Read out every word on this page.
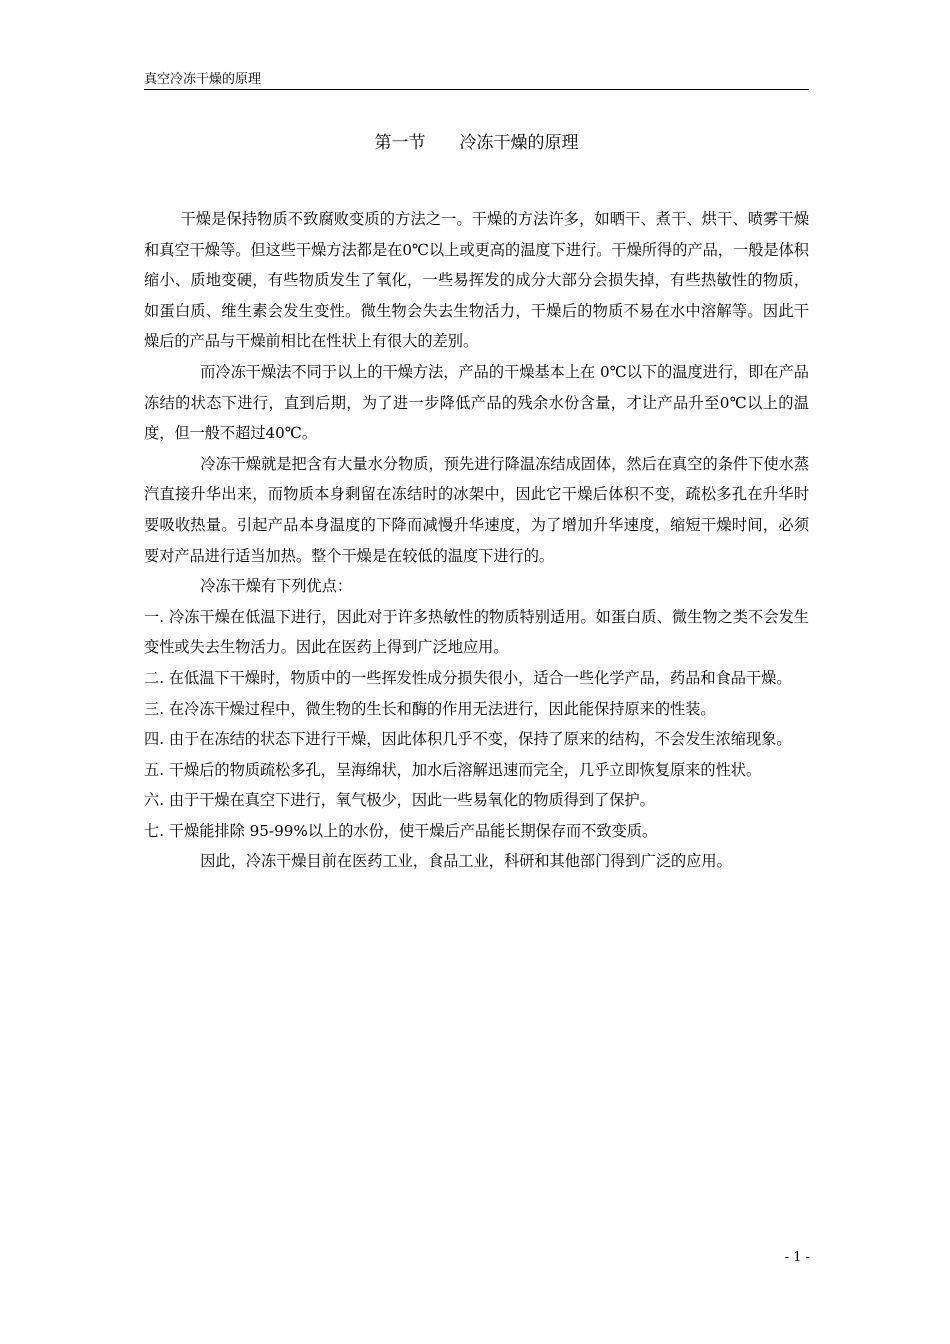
真空冷冻干燥的原理
第一节　　冷冻干燥的原理

干燥是保持物质不致腐败变质的方法之一。干燥的方法许多，如晒干、煮干、烘干、喷雾干燥和真空干燥等。但这些干燥方法都是在0℃以上或更高的温度下进行。干燥所得的产品，一般是体积缩小、质地变硬，有些物质发生了氧化，一些易挥发的成分大部分会损失掉，有些热敏性的物质，如蛋白质、维生素会发生变性。微生物会失去生物活力，干燥后的物质不易在水中溶解等。因此干燥后的产品与干燥前相比在性状上有很大的差别。

而冷冻干燥法不同于以上的干燥方法，产品的干燥基本上在 0℃以下的温度进行，即在产品冻结的状态下进行，直到后期，为了进一步降低产品的残余水份含量，才让产品升至0℃以上的温度，但一般不超过40℃。

冷冻干燥就是把含有大量水分物质，预先进行降温冻结成固体，然后在真空的条件下使水蒸汽直接升华出来，而物质本身剩留在冻结时的冰架中，因此它干燥后体积不变，疏松多孔在升华时要吸收热量。引起产品本身温度的下降而减慢升华速度，为了增加升华速度，缩短干燥时间，必须要对产品进行适当加热。整个干燥是在较低的温度下进行的。

冷冻干燥有下列优点：

一. 冷冻干燥在低温下进行，因此对于许多热敏性的物质特别适用。如蛋白质、微生物之类不会发生变性或失去生物活力。因此在医药上得到广泛地应用。

二. 在低温下干燥时，物质中的一些挥发性成分损失很小，适合一些化学产品，药品和食品干燥。

三. 在冷冻干燥过程中，微生物的生长和酶的作用无法进行，因此能保持原来的性装。

四. 由于在冻结的状态下进行干燥，因此体积几乎不变，保持了原来的结构，不会发生浓缩现象。

五. 干燥后的物质疏松多孔，呈海绵状，加水后溶解迅速而完全，几乎立即恢复原来的性状。

六. 由于干燥在真空下进行，氧气极少，因此一些易氧化的物质得到了保护。

七. 干燥能排除 95-99%以上的水份，使干燥后产品能长期保存而不致变质。

因此，冷冻干燥目前在医药工业，食品工业，科研和其他部门得到广泛的应用。

- 1 -
